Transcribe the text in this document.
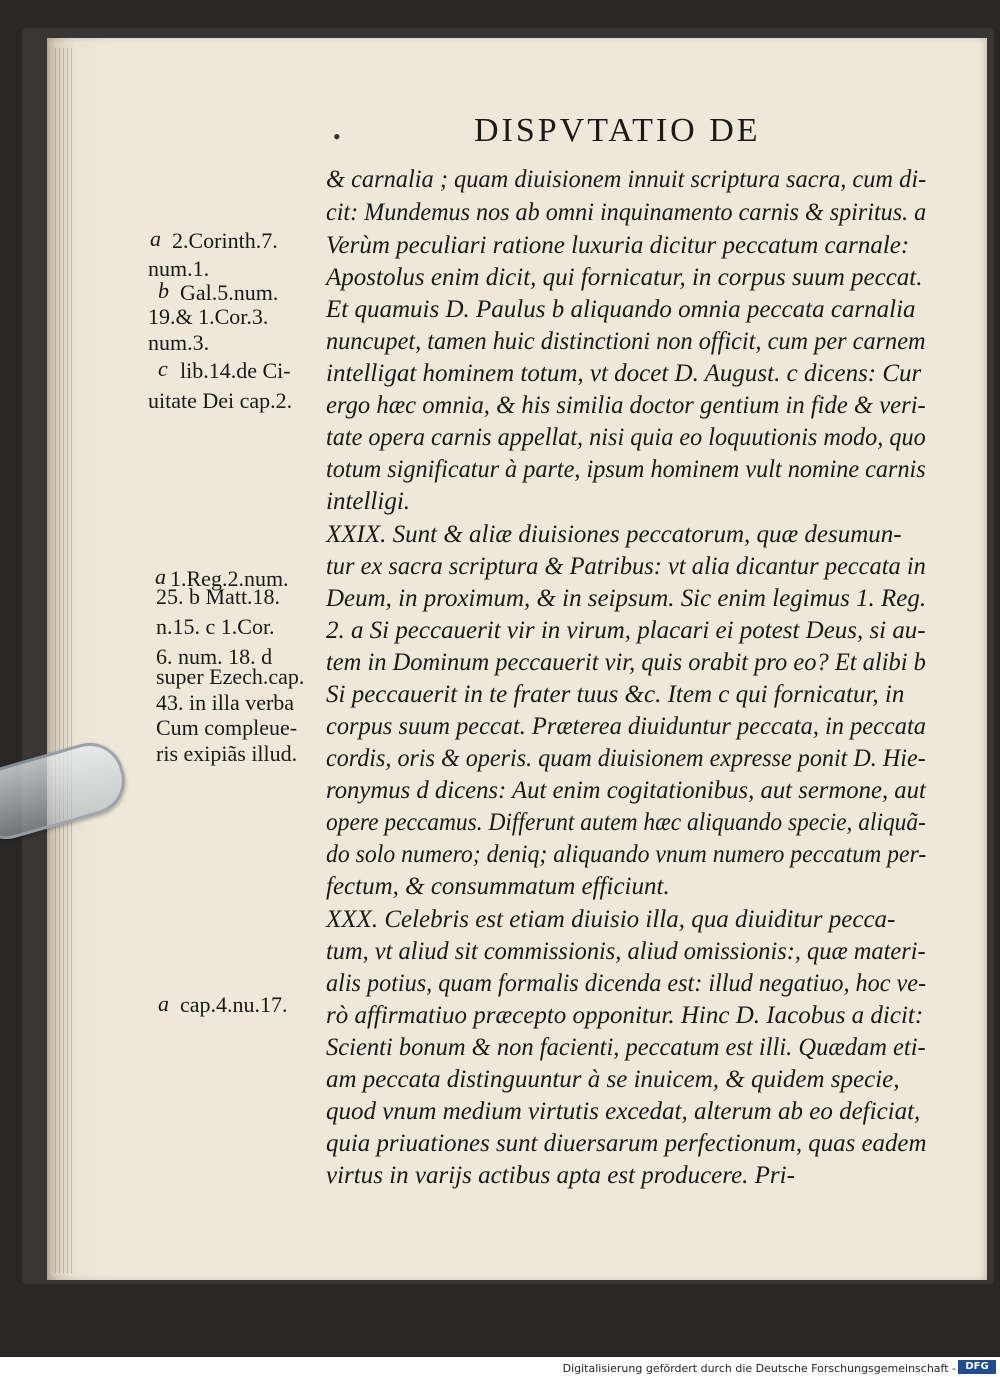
•	DISPVTATIO DE
& carnalia ; quam diuisionem innuit scriptura sacra, cum di-
cit: Mundemus nos ab omni inquinamento carnis & spiritus. a
Verùm peculiari ratione luxuria dicitur peccatum carnale:
Apostolus enim dicit, qui fornicatur, in corpus suum peccat.
Et quamuis D. Paulus b aliquando omnia peccata carnalia
nuncupet, tamen huic distinctioni non officit, cum per carnem
intelligat hominem totum, vt docet D. August. c dicens: Cur
ergo hæc omnia, & his similia doctor gentium in fide & veri-
tate opera carnis appellat, nisi quia eo loquutionis modo, quo
totum significatur à parte, ipsum hominem vult nomine carnis
intelligi.
XXIX. Sunt & aliæ diuisiones peccatorum, quæ desumun-
tur ex sacra scriptura & Patribus: vt alia dicantur peccata in
Deum, in proximum, & in seipsum. Sic enim legimus 1. Reg.
2. a Si peccauerit vir in virum, placari ei potest Deus, si au-
tem in Dominum peccauerit vir, quis orabit pro eo? Et alibi b
Si peccauerit in te frater tuus &c. Item c qui fornicatur, in
corpus suum peccat. Præterea diuiduntur peccata, in peccata
cordis, oris & operis. quam diuisionem expresse ponit D. Hie-
ronymus d dicens: Aut enim cogitationibus, aut sermone, aut
opere peccamus. Differunt autem hæc aliquando specie, aliquã-
do solo numero; deniq; aliquando vnum numero peccatum per-
fectum, & consummatum efficiunt.
XXX. Celebris est etiam diuisio illa, qua diuiditur pecca-
tum, vt aliud sit commissionis, aliud omissionis:, quæ materi-
alis potius, quam formalis dicenda est: illud negatiuo, hoc ve-
rò affirmatiuo præcepto opponitur. Hinc D. Iacobus a dicit:
Scienti bonum & non facienti, peccatum est illi. Quædam eti-
am peccata distinguuntur à se inuicem, & quidem specie,
quod vnum medium virtutis excedat, alterum ab eo deficiat,
quia priuationes sunt diuersarum perfectionum, quas eadem
virtus in varijs actibus apta est producere. Pri-
a 2.Corinth.7.
num.1.
b Gal.5.num.
19.& 1.Cor.3.
num.3.
c lib.14.de Ci-
uitate Dei cap.2.
a 1.Reg.2.num.
25. b Matt.18.
n.15. c 1.Cor.
6. num. 18. d
super Ezech.cap.
43. in illa verba
Cum compleue-
ris exipiãs illud.
a cap.4.nu.17.
Digitalisierung gefördert durch die Deutsche Forschungsgemeinschaft - DFG
